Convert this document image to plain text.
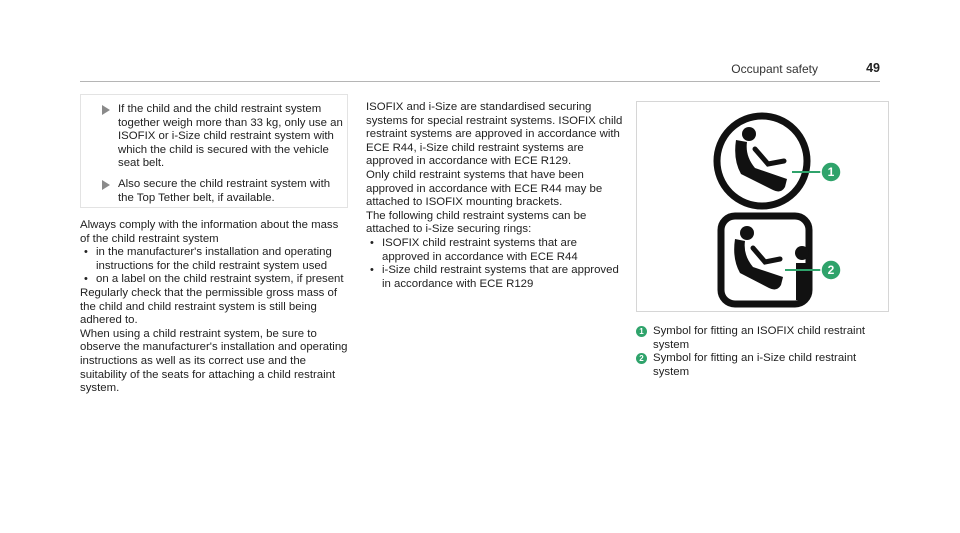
Occupant safety	49
If the child and the child restraint system together weigh more than 33 kg, only use an ISOFIX or i-Size child restraint system with which the child is secured with the vehicle seat belt.
Also secure the child restraint system with the Top Tether belt, if available.

Always comply with the information about the mass of the child restraint system

• in the manufacturer's installation and operating instructions for the child restraint system used
• on a label on the child restraint system, if present

Regularly check that the permissible gross mass of the child and child restraint system is still being adhered to.

When using a child restraint system, be sure to observe the manufacturer's installation and operating instructions as well as its correct use and the suitability of the seats for attaching a child restraint system.

ISOFIX and i-Size are standardised securing systems for special restraint systems. ISOFIX child restraint systems are approved in accordance with ECE R44, i-Size child restraint systems are approved in accordance with ECE R129.

Only child restraint systems that have been approved in accordance with ECE R44 may be attached to ISOFIX mounting brackets.

The following child restraint systems can be attached to i-Size securing rings:

• ISOFIX child restraint systems that are approved in accordance with ECE R44
• i-Size child restraint systems that are approved in accordance with ECE R129
1
2
1 Symbol for fitting an ISOFIX child restraint system
2 Symbol for fitting an i-Size child restraint system
